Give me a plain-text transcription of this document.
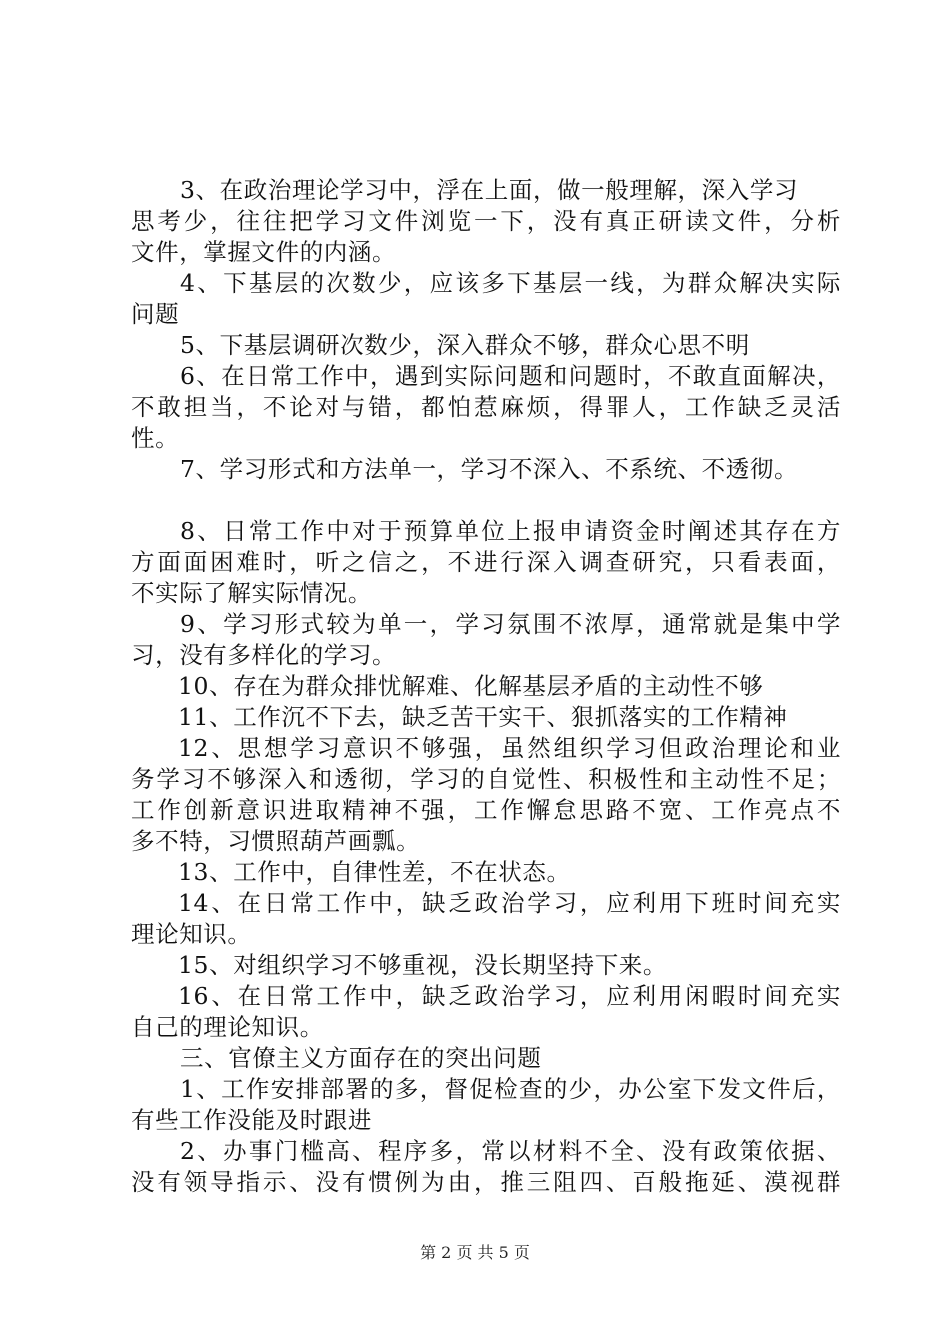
3、在政治理论学习中，浮在上面，做一般理解，深入学习
思考少，往往把学习文件浏览一下，没有真正研读文件，分析
文件，掌握文件的内涵。
4、下基层的次数少，应该多下基层一线，为群众解决实际
问题
5、下基层调研次数少，深入群众不够，群众心思不明
6、在日常工作中，遇到实际问题和问题时，不敢直面解决，
不敢担当，不论对与错，都怕惹麻烦，得罪人，工作缺乏灵活
性。
7、学习形式和方法单一，学习不深入、不系统、不透彻。
8、日常工作中对于预算单位上报申请资金时阐述其存在方
方面面困难时，听之信之，不进行深入调查研究，只看表面，
不实际了解实际情况。
9、学习形式较为单一，学习氛围不浓厚，通常就是集中学
习，没有多样化的学习。
10、存在为群众排忧解难、化解基层矛盾的主动性不够
11、工作沉不下去，缺乏苦干实干、狠抓落实的工作精神
12、思想学习意识不够强，虽然组织学习但政治理论和业
务学习不够深入和透彻，学习的自觉性、积极性和主动性不足；
工作创新意识进取精神不强，工作懈怠思路不宽、工作亮点不
多不特，习惯照葫芦画瓢。
13、工作中，自律性差，不在状态。
14、在日常工作中，缺乏政治学习，应利用下班时间充实
理论知识。
15、对组织学习不够重视，没长期坚持下来。
16、在日常工作中，缺乏政治学习，应利用闲暇时间充实
自己的理论知识。
三、官僚主义方面存在的突出问题
1、工作安排部署的多，督促检查的少，办公室下发文件后，
有些工作没能及时跟进
2、办事门槛高、程序多，常以材料不全、没有政策依据、
没有领导指示、没有惯例为由，推三阻四、百般拖延、漠视群
第 2 页 共 5 页
